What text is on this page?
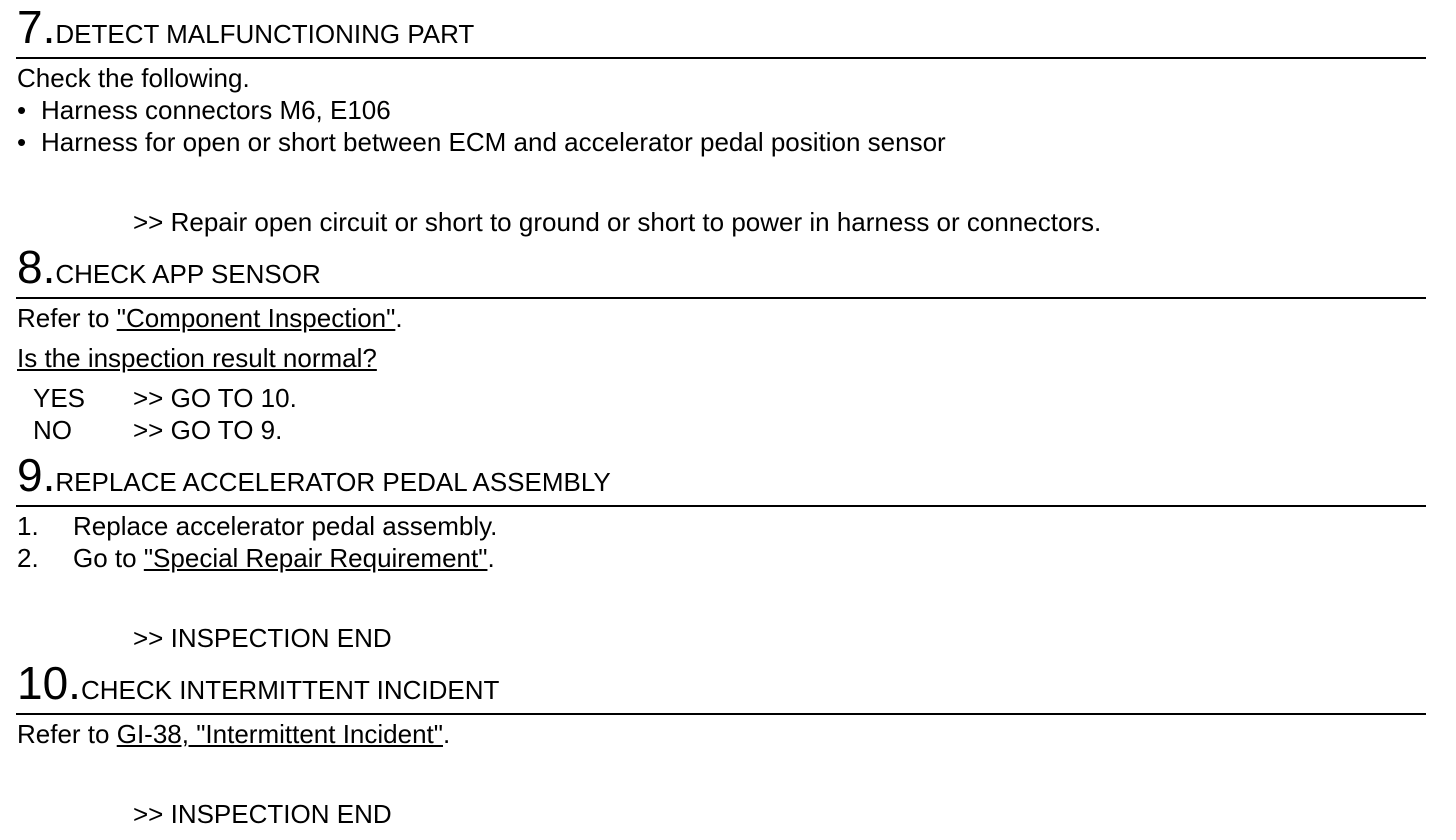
7.DETECT MALFUNCTIONING PART
Check the following.
• Harness connectors M6, E106
• Harness for open or short between ECM and accelerator pedal position sensor
>> Repair open circuit or short to ground or short to power in harness or connectors.
8.CHECK APP SENSOR
Refer to "Component Inspection".
Is the inspection result normal?
YES >> GO TO 10.
NO >> GO TO 9.
9.REPLACE ACCELERATOR PEDAL ASSEMBLY
1. Replace accelerator pedal assembly.
2. Go to "Special Repair Requirement".
>> INSPECTION END
10.CHECK INTERMITTENT INCIDENT
Refer to GI-38, "Intermittent Incident".
>> INSPECTION END
